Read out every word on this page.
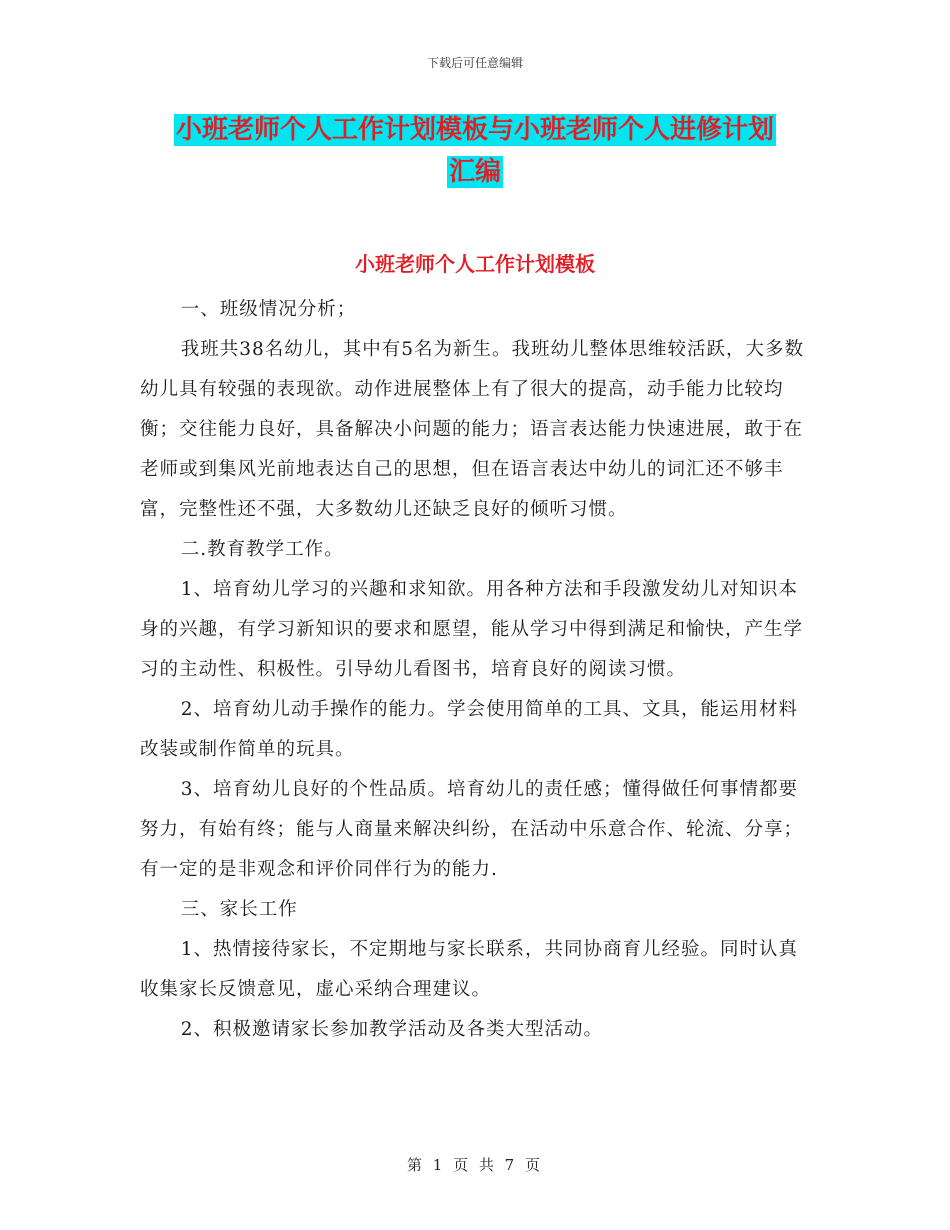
下载后可任意编辑
小班老师个人工作计划模板与小班老师个人进修计划
汇编
小班老师个人工作计划模板

一、班级情况分析；

我班共38名幼儿，其中有5名为新生。我班幼儿整体思维较活跃，大多数幼儿具有较强的表现欲。动作进展整体上有了很大的提高，动手能力比较均衡；交往能力良好，具备解决小问题的能力；语言表达能力快速进展，敢于在老师或到集风光前地表达自己的思想，但在语言表达中幼儿的词汇还不够丰富，完整性还不强，大多数幼儿还缺乏良好的倾听习惯。

二.教育教学工作。

1、培育幼儿学习的兴趣和求知欲。用各种方法和手段激发幼儿对知识本身的兴趣，有学习新知识的要求和愿望，能从学习中得到满足和愉快，产生学习的主动性、积极性。引导幼儿看图书，培育良好的阅读习惯。

2、培育幼儿动手操作的能力。学会使用简单的工具、文具，能运用材料改装或制作简单的玩具。

3、培育幼儿良好的个性品质。培育幼儿的责任感；懂得做任何事情都要努力，有始有终；能与人商量来解决纠纷，在活动中乐意合作、轮流、分享；有一定的是非观念和评价同伴行为的能力.

三、家长工作

1、热情接待家长，不定期地与家长联系，共同协商育儿经验。同时认真收集家长反馈意见，虚心采纳合理建议。

2、积极邀请家长参加教学活动及各类大型活动。

第 1 页 共 7 页
